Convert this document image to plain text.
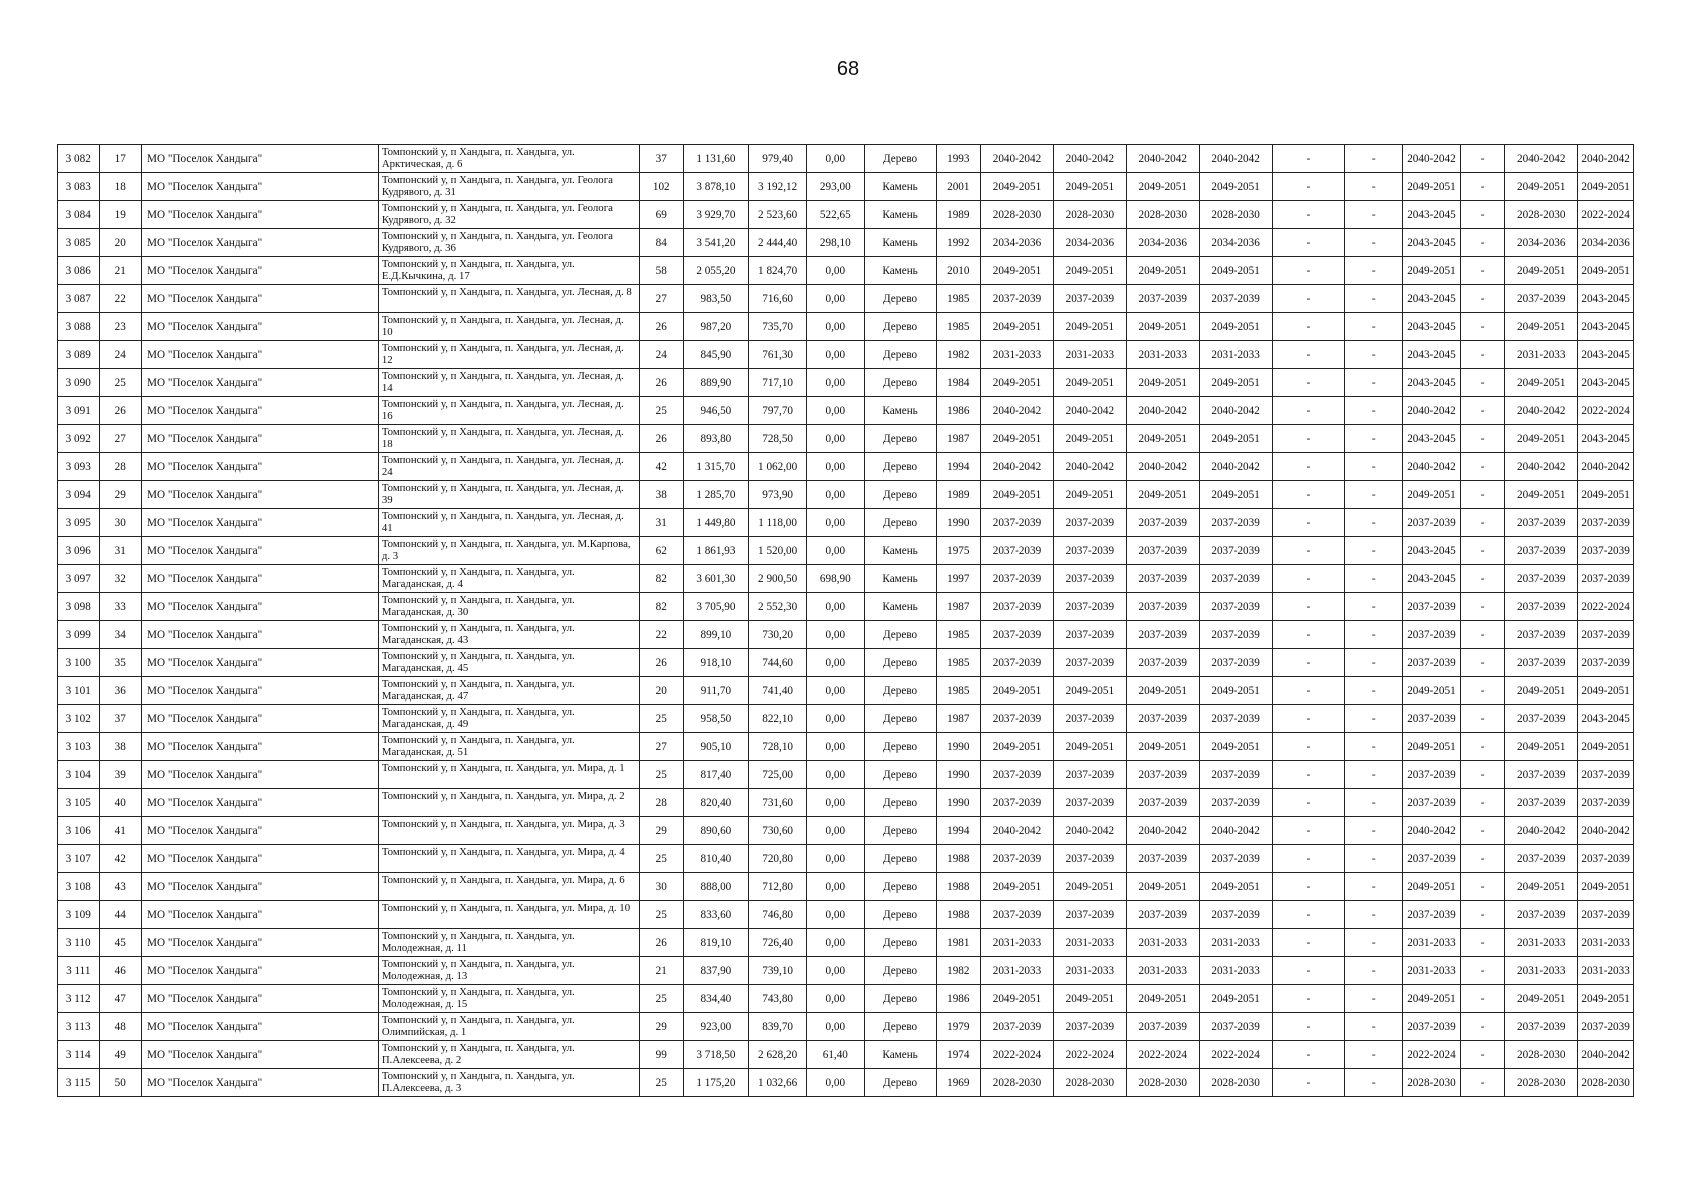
68
3 082	17	МО "Поселок Хандыга"	Томпонский у, п Хандыга, п. Хандыга, ул. Арктическая, д. 6	37	1 131,60	979,40	0,00	Дерево	1993	2040-2042	2040-2042	2040-2042	2040-2042	-	-	2040-2042	-	2040-2042	2040-2042
3 083	18	МО "Поселок Хандыга"	Томпонский у, п Хандыга, п. Хандыга, ул. Геолога Кудрявого, д. 31	102	3 878,10	3 192,12	293,00	Камень	2001	2049-2051	2049-2051	2049-2051	2049-2051	-	-	2049-2051	-	2049-2051	2049-2051
3 084	19	МО "Поселок Хандыга"	Томпонский у, п Хандыга, п. Хандыга, ул. Геолога Кудрявого, д. 32	69	3 929,70	2 523,60	522,65	Камень	1989	2028-2030	2028-2030	2028-2030	2028-2030	-	-	2043-2045	-	2028-2030	2022-2024
3 085	20	МО "Поселок Хандыга"	Томпонский у, п Хандыга, п. Хандыга, ул. Геолога Кудрявого, д. 36	84	3 541,20	2 444,40	298,10	Камень	1992	2034-2036	2034-2036	2034-2036	2034-2036	-	-	2043-2045	-	2034-2036	2034-2036
3 086	21	МО "Поселок Хандыга"	Томпонский у, п Хандыга, п. Хандыга, ул. Е.Д.Кычкина, д. 17	58	2 055,20	1 824,70	0,00	Камень	2010	2049-2051	2049-2051	2049-2051	2049-2051	-	-	2049-2051	-	2049-2051	2049-2051
3 087	22	МО "Поселок Хандыга"	Томпонский у, п Хандыга, п. Хандыга, ул. Лесная, д. 8	27	983,50	716,60	0,00	Дерево	1985	2037-2039	2037-2039	2037-2039	2037-2039	-	-	2043-2045	-	2037-2039	2043-2045
3 088	23	МО "Поселок Хандыга"	Томпонский у, п Хандыга, п. Хандыга, ул. Лесная, д. 10	26	987,20	735,70	0,00	Дерево	1985	2049-2051	2049-2051	2049-2051	2049-2051	-	-	2043-2045	-	2049-2051	2043-2045
3 089	24	МО "Поселок Хандыга"	Томпонский у, п Хандыга, п. Хандыга, ул. Лесная, д. 12	24	845,90	761,30	0,00	Дерево	1982	2031-2033	2031-2033	2031-2033	2031-2033	-	-	2043-2045	-	2031-2033	2043-2045
3 090	25	МО "Поселок Хандыга"	Томпонский у, п Хандыга, п. Хандыга, ул. Лесная, д. 14	26	889,90	717,10	0,00	Дерево	1984	2049-2051	2049-2051	2049-2051	2049-2051	-	-	2043-2045	-	2049-2051	2043-2045
3 091	26	МО "Поселок Хандыга"	Томпонский у, п Хандыга, п. Хандыга, ул. Лесная, д. 16	25	946,50	797,70	0,00	Камень	1986	2040-2042	2040-2042	2040-2042	2040-2042	-	-	2040-2042	-	2040-2042	2022-2024
3 092	27	МО "Поселок Хандыга"	Томпонский у, п Хандыга, п. Хандыга, ул. Лесная, д. 18	26	893,80	728,50	0,00	Дерево	1987	2049-2051	2049-2051	2049-2051	2049-2051	-	-	2043-2045	-	2049-2051	2043-2045
3 093	28	МО "Поселок Хандыга"	Томпонский у, п Хандыга, п. Хандыга, ул. Лесная, д. 24	42	1 315,70	1 062,00	0,00	Дерево	1994	2040-2042	2040-2042	2040-2042	2040-2042	-	-	2040-2042	-	2040-2042	2040-2042
3 094	29	МО "Поселок Хандыга"	Томпонский у, п Хандыга, п. Хандыга, ул. Лесная, д. 39	38	1 285,70	973,90	0,00	Дерево	1989	2049-2051	2049-2051	2049-2051	2049-2051	-	-	2049-2051	-	2049-2051	2049-2051
3 095	30	МО "Поселок Хандыга"	Томпонский у, п Хандыга, п. Хандыга, ул. Лесная, д. 41	31	1 449,80	1 118,00	0,00	Дерево	1990	2037-2039	2037-2039	2037-2039	2037-2039	-	-	2037-2039	-	2037-2039	2037-2039
3 096	31	МО "Поселок Хандыга"	Томпонский у, п Хандыга, п. Хандыга, ул. М.Карпова, д. 3	62	1 861,93	1 520,00	0,00	Камень	1975	2037-2039	2037-2039	2037-2039	2037-2039	-	-	2043-2045	-	2037-2039	2037-2039
3 097	32	МО "Поселок Хандыга"	Томпонский у, п Хандыга, п. Хандыга, ул. Магаданская, д. 4	82	3 601,30	2 900,50	698,90	Камень	1997	2037-2039	2037-2039	2037-2039	2037-2039	-	-	2043-2045	-	2037-2039	2037-2039
3 098	33	МО "Поселок Хандыга"	Томпонский у, п Хандыга, п. Хандыга, ул. Магаданская, д. 30	82	3 705,90	2 552,30	0,00	Камень	1987	2037-2039	2037-2039	2037-2039	2037-2039	-	-	2037-2039	-	2037-2039	2022-2024
3 099	34	МО "Поселок Хандыга"	Томпонский у, п Хандыга, п. Хандыга, ул. Магаданская, д. 43	22	899,10	730,20	0,00	Дерево	1985	2037-2039	2037-2039	2037-2039	2037-2039	-	-	2037-2039	-	2037-2039	2037-2039
3 100	35	МО "Поселок Хандыга"	Томпонский у, п Хандыга, п. Хандыга, ул. Магаданская, д. 45	26	918,10	744,60	0,00	Дерево	1985	2037-2039	2037-2039	2037-2039	2037-2039	-	-	2037-2039	-	2037-2039	2037-2039
3 101	36	МО "Поселок Хандыга"	Томпонский у, п Хандыга, п. Хандыга, ул. Магаданская, д. 47	20	911,70	741,40	0,00	Дерево	1985	2049-2051	2049-2051	2049-2051	2049-2051	-	-	2049-2051	-	2049-2051	2049-2051
3 102	37	МО "Поселок Хандыга"	Томпонский у, п Хандыга, п. Хандыга, ул. Магаданская, д. 49	25	958,50	822,10	0,00	Дерево	1987	2037-2039	2037-2039	2037-2039	2037-2039	-	-	2037-2039	-	2037-2039	2043-2045
3 103	38	МО "Поселок Хандыга"	Томпонский у, п Хандыга, п. Хандыга, ул. Магаданская, д. 51	27	905,10	728,10	0,00	Дерево	1990	2049-2051	2049-2051	2049-2051	2049-2051	-	-	2049-2051	-	2049-2051	2049-2051
3 104	39	МО "Поселок Хандыга"	Томпонский у, п Хандыга, п. Хандыга, ул. Мира, д. 1	25	817,40	725,00	0,00	Дерево	1990	2037-2039	2037-2039	2037-2039	2037-2039	-	-	2037-2039	-	2037-2039	2037-2039
3 105	40	МО "Поселок Хандыга"	Томпонский у, п Хандыга, п. Хандыга, ул. Мира, д. 2	28	820,40	731,60	0,00	Дерево	1990	2037-2039	2037-2039	2037-2039	2037-2039	-	-	2037-2039	-	2037-2039	2037-2039
3 106	41	МО "Поселок Хандыга"	Томпонский у, п Хандыга, п. Хандыга, ул. Мира, д. 3	29	890,60	730,60	0,00	Дерево	1994	2040-2042	2040-2042	2040-2042	2040-2042	-	-	2040-2042	-	2040-2042	2040-2042
3 107	42	МО "Поселок Хандыга"	Томпонский у, п Хандыга, п. Хандыга, ул. Мира, д. 4	25	810,40	720,80	0,00	Дерево	1988	2037-2039	2037-2039	2037-2039	2037-2039	-	-	2037-2039	-	2037-2039	2037-2039
3 108	43	МО "Поселок Хандыга"	Томпонский у, п Хандыга, п. Хандыга, ул. Мира, д. 6	30	888,00	712,80	0,00	Дерево	1988	2049-2051	2049-2051	2049-2051	2049-2051	-	-	2049-2051	-	2049-2051	2049-2051
3 109	44	МО "Поселок Хандыга"	Томпонский у, п Хандыга, п. Хандыга, ул. Мира, д. 10	25	833,60	746,80	0,00	Дерево	1988	2037-2039	2037-2039	2037-2039	2037-2039	-	-	2037-2039	-	2037-2039	2037-2039
3 110	45	МО "Поселок Хандыга"	Томпонский у, п Хандыга, п. Хандыга, ул. Молодежная, д. 11	26	819,10	726,40	0,00	Дерево	1981	2031-2033	2031-2033	2031-2033	2031-2033	-	-	2031-2033	-	2031-2033	2031-2033
3 111	46	МО "Поселок Хандыга"	Томпонский у, п Хандыга, п. Хандыга, ул. Молодежная, д. 13	21	837,90	739,10	0,00	Дерево	1982	2031-2033	2031-2033	2031-2033	2031-2033	-	-	2031-2033	-	2031-2033	2031-2033
3 112	47	МО "Поселок Хандыга"	Томпонский у, п Хандыга, п. Хандыга, ул. Молодежная, д. 15	25	834,40	743,80	0,00	Дерево	1986	2049-2051	2049-2051	2049-2051	2049-2051	-	-	2049-2051	-	2049-2051	2049-2051
3 113	48	МО "Поселок Хандыга"	Томпонский у, п Хандыга, п. Хандыга, ул. Олимпийская, д. 1	29	923,00	839,70	0,00	Дерево	1979	2037-2039	2037-2039	2037-2039	2037-2039	-	-	2037-2039	-	2037-2039	2037-2039
3 114	49	МО "Поселок Хандыга"	Томпонский у, п Хандыга, п. Хандыга, ул. П.Алексеева, д. 2	99	3 718,50	2 628,20	61,40	Камень	1974	2022-2024	2022-2024	2022-2024	2022-2024	-	-	2022-2024	-	2028-2030	2040-2042
3 115	50	МО "Поселок Хандыга"	Томпонский у, п Хандыга, п. Хандыга, ул. П.Алексеева, д. 3	25	1 175,20	1 032,66	0,00	Дерево	1969	2028-2030	2028-2030	2028-2030	2028-2030	-	-	2028-2030	-	2028-2030	2028-2030
